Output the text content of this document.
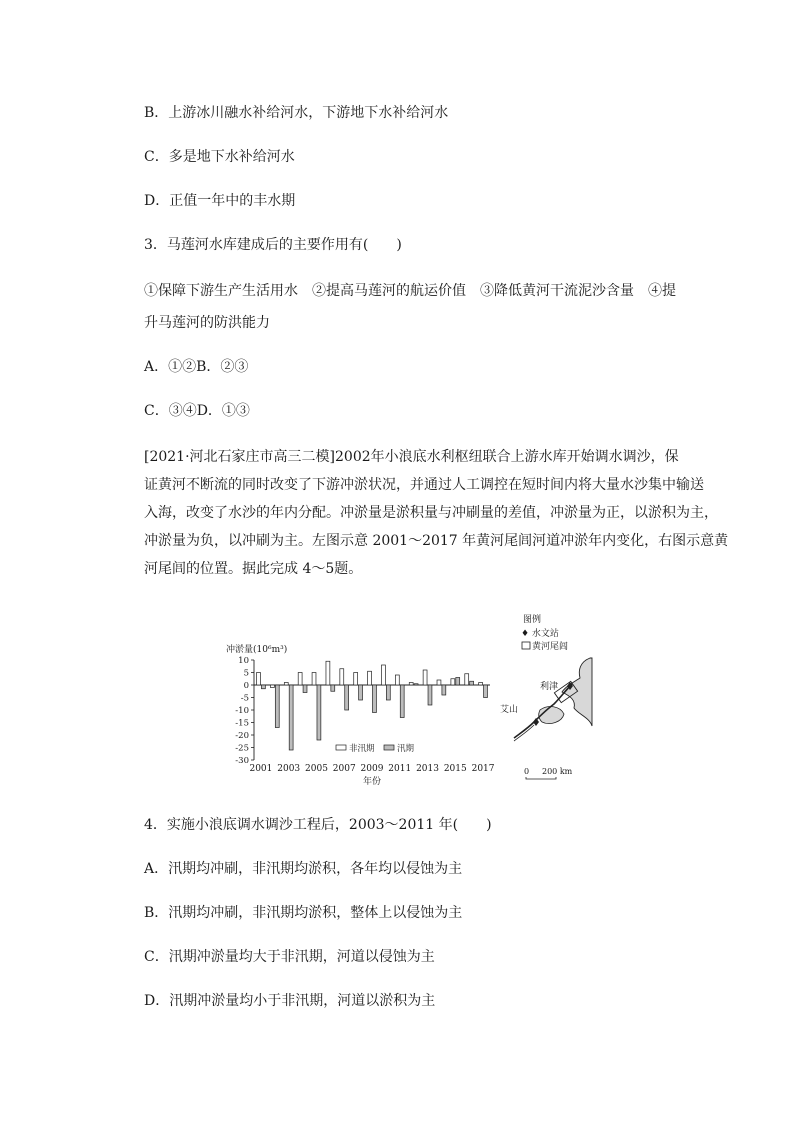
B．上游冰川融水补给河水，下游地下水补给河水
C．多是地下水补给河水
D．正值一年中的丰水期
3．马莲河水库建成后的主要作用有(　　)
①保障下游生产生活用水　②提高马莲河的航运价值　③降低黄河干流泥沙含量　④提
升马莲河的防洪能力
A．①②B．②③
C．③④D．①③
[2021·河北石家庄市高三二模]2002年小浪底水利枢纽联合上游水库开始调水调沙，保
证黄河不断流的同时改变了下游冲淤状况，并通过人工调控在短时间内将大量水沙集中输送
入海，改变了水沙的年内分配。冲淤量是淤积量与冲刷量的差值，冲淤量为正，以淤积为主，
冲淤量为负，以冲刷为主。左图示意 2001～2017 年黄河尾闾河道冲淤年内变化，右图示意黄
河尾闾的位置。据此完成 4～5题。
10
5
0
-5
-10
-15
-20
-25
-30
2001 2003 2005 2007 2009 2011 2013 2015 2017
冲淤量(10⁶m³)
年份
非汛期	汛期
图例
♦ 水文站
黄河尾闾
利津
艾山
0 200 km
4．实施小浪底调水调沙工程后，2003～2011 年(　　)
A．汛期均冲刷，非汛期均淤积，各年均以侵蚀为主
B．汛期均冲刷，非汛期均淤积，整体上以侵蚀为主
C．汛期冲淤量均大于非汛期，河道以侵蚀为主
D．汛期冲淤量均小于非汛期，河道以淤积为主
